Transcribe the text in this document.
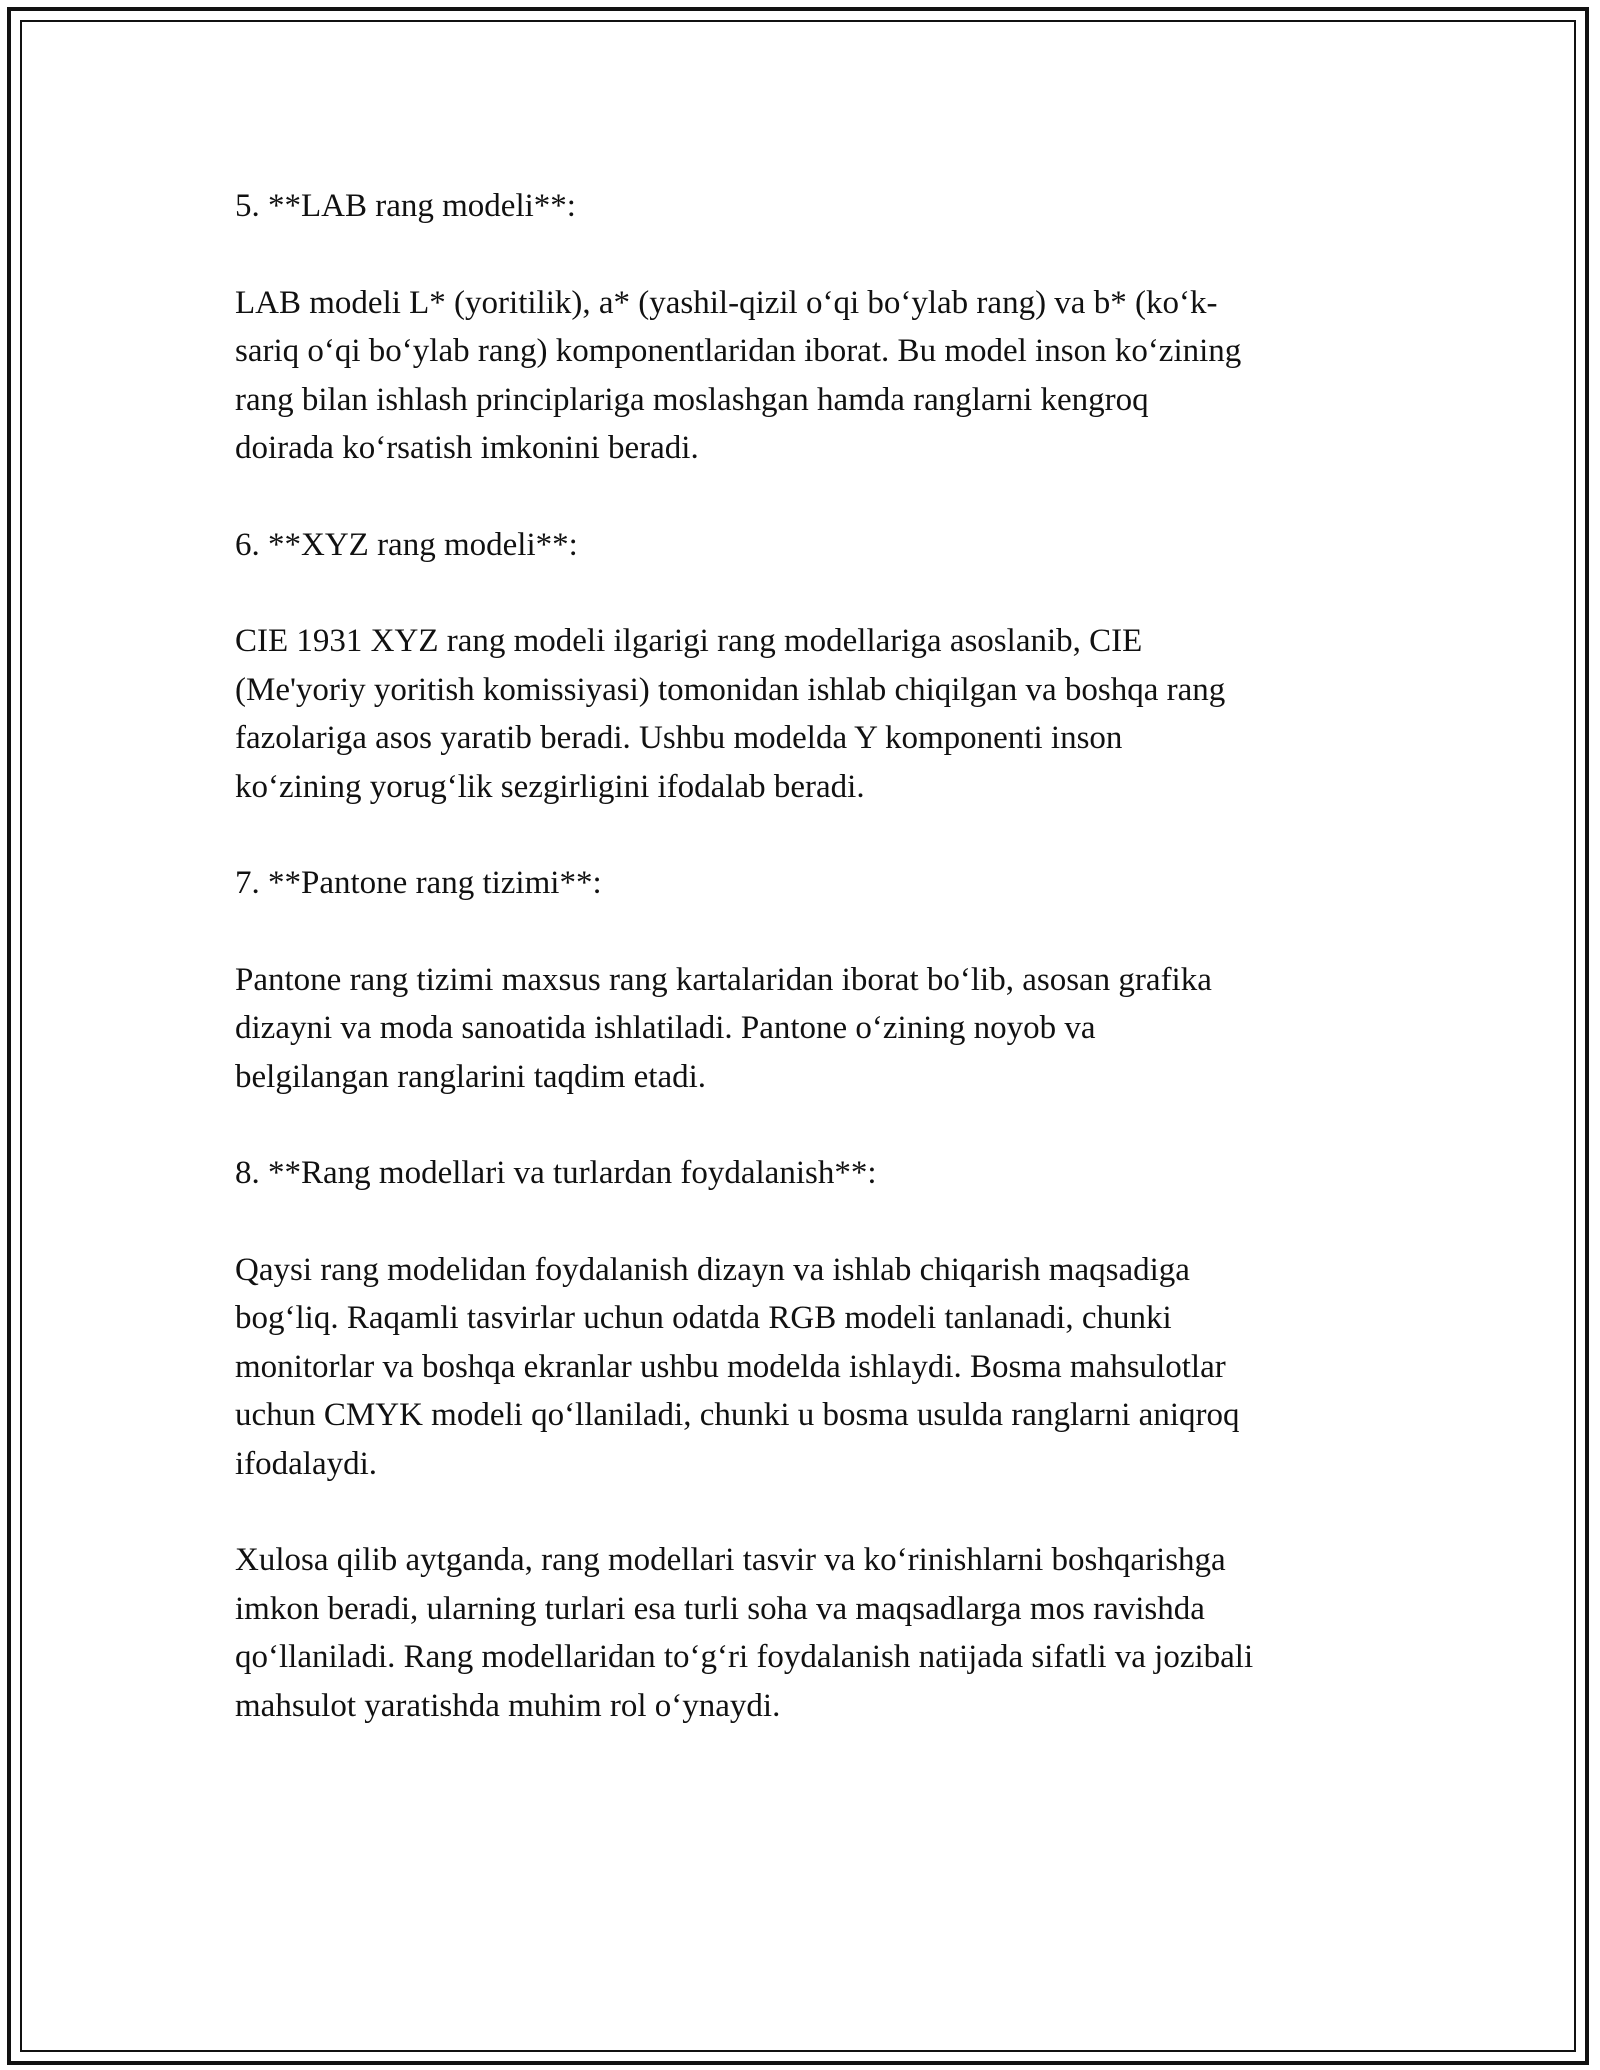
5. **LAB rang modeli**:

LAB modeli L* (yoritilik), a* (yashil-qizil o‘qi bo‘ylab rang) va b* (ko‘k-
sariq o‘qi bo‘ylab rang) komponentlaridan iborat. Bu model inson ko‘zining
rang bilan ishlash principlariga moslashgan hamda ranglarni kengroq
doirada ko‘rsatish imkonini beradi.

6. **XYZ rang modeli**:

CIE 1931 XYZ rang modeli ilgarigi rang modellariga asoslanib, CIE
(Me'yoriy yoritish komissiyasi) tomonidan ishlab chiqilgan va boshqa rang
fazolariga asos yaratib beradi. Ushbu modelda Y komponenti inson
ko‘zining yorug‘lik sezgirligini ifodalab beradi.

7. **Pantone rang tizimi**:

Pantone rang tizimi maxsus rang kartalaridan iborat bo‘lib, asosan grafika
dizayni va moda sanoatida ishlatiladi. Pantone o‘zining noyob va
belgilangan ranglarini taqdim etadi.

8. **Rang modellari va turlardan foydalanish**:

Qaysi rang modelidan foydalanish dizayn va ishlab chiqarish maqsadiga
bog‘liq. Raqamli tasvirlar uchun odatda RGB modeli tanlanadi, chunki
monitorlar va boshqa ekranlar ushbu modelda ishlaydi. Bosma mahsulotlar
uchun CMYK modeli qo‘llaniladi, chunki u bosma usulda ranglarni aniqroq
ifodalaydi.

Xulosa qilib aytganda, rang modellari tasvir va ko‘rinishlarni boshqarishga
imkon beradi, ularning turlari esa turli soha va maqsadlarga mos ravishda
qo‘llaniladi. Rang modellaridan to‘g‘ri foydalanish natijada sifatli va jozibali
mahsulot yaratishda muhim rol o‘ynaydi.
